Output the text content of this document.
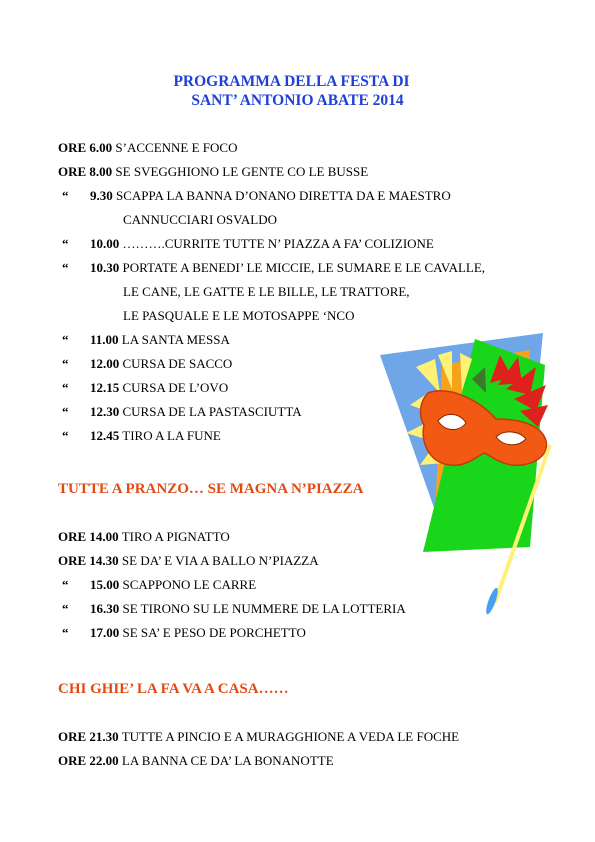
PROGRAMMA DELLA FESTA DI
SANT’ ANTONIO ABATE 2014
ORE 6.00 S’ACCENNE E FOCO
ORE 8.00 SE SVEGGHIONO LE GENTE CO LE BUSSE
“ 9.30 SCAPPA LA BANNA D’ONANO DIRETTA DA E MAESTRO
CANNUCCIARI OSVALDO
“ 10.00 ……….CURRITE TUTTE N’ PIAZZA A FA’ COLIZIONE
“ 10.30 PORTATE A BENEDI’ LE MICCIE, LE SUMARE E LE CAVALLE,
LE CANE, LE GATTE E LE BILLE, LE TRATTORE,
LE PASQUALE E LE MOTOSAPPE ‘NCO
“ 11.00 LA SANTA MESSA
“ 12.00 CURSA DE SACCO
“ 12.15 CURSA DE L’OVO
“ 12.30 CURSA DE LA PASTASCIUTTA
“ 12.45 TIRO A LA FUNE
TUTTE A PRANZO… SE MAGNA N’PIAZZA
ORE 14.00 TIRO A PIGNATTO
ORE 14.30 SE DA’ E VIA A BALLO N’PIAZZA
“ 15.00 SCAPPONO LE CARRE
“ 16.30 SE TIRONO SU LE NUMMERE DE LA LOTTERIA
“ 17.00 SE SA’ E PESO DE PORCHETTO
CHI GHIE’ LA FA VA A CASA……
ORE 21.30 TUTTE A PINCIO E A MURAGGHIONE A VEDA LE FOCHE
ORE 22.00 LA BANNA CE DA’ LA BONANOTTE
